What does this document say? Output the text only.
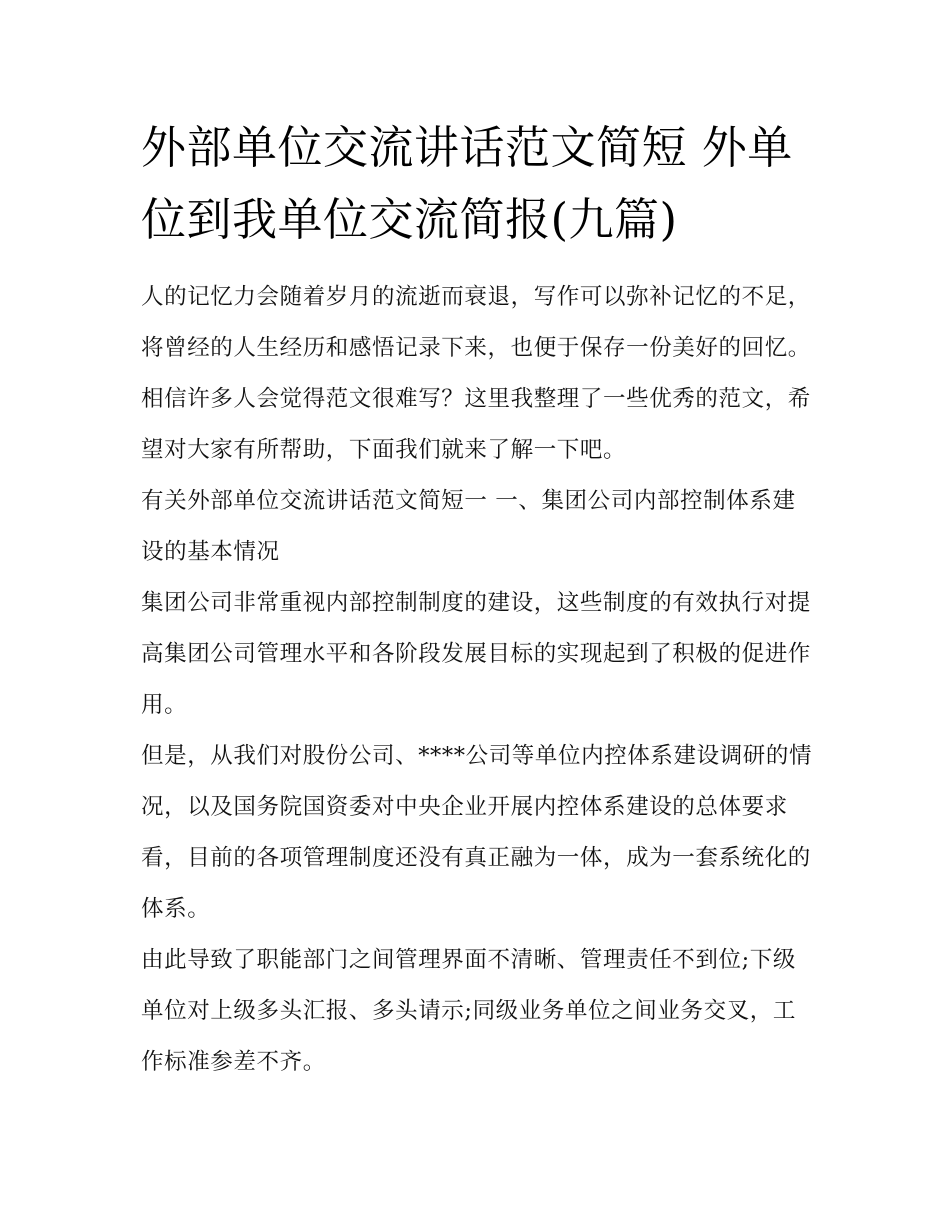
外部单位交流讲话范文简短 外单位到我单位交流简报(九篇)

人的记忆力会随着岁月的流逝而衰退，写作可以弥补记忆的不足，将曾经的人生经历和感悟记录下来，也便于保存一份美好的回忆。相信许多人会觉得范文很难写？这里我整理了一些优秀的范文，希望对大家有所帮助，下面我们就来了解一下吧。

有关外部单位交流讲话范文简短一 一、集团公司内部控制体系建设的基本情况

集团公司非常重视内部控制制度的建设，这些制度的有效执行对提高集团公司管理水平和各阶段发展目标的实现起到了积极的促进作用。

但是，从我们对股份公司、****公司等单位内控体系建设调研的情况，以及国务院国资委对中央企业开展内控体系建设的总体要求看，目前的各项管理制度还没有真正融为一体，成为一套系统化的体系。

由此导致了职能部门之间管理界面不清晰、管理责任不到位;下级单位对上级多头汇报、多头请示;同级业务单位之间业务交叉，工作标准参差不齐。
